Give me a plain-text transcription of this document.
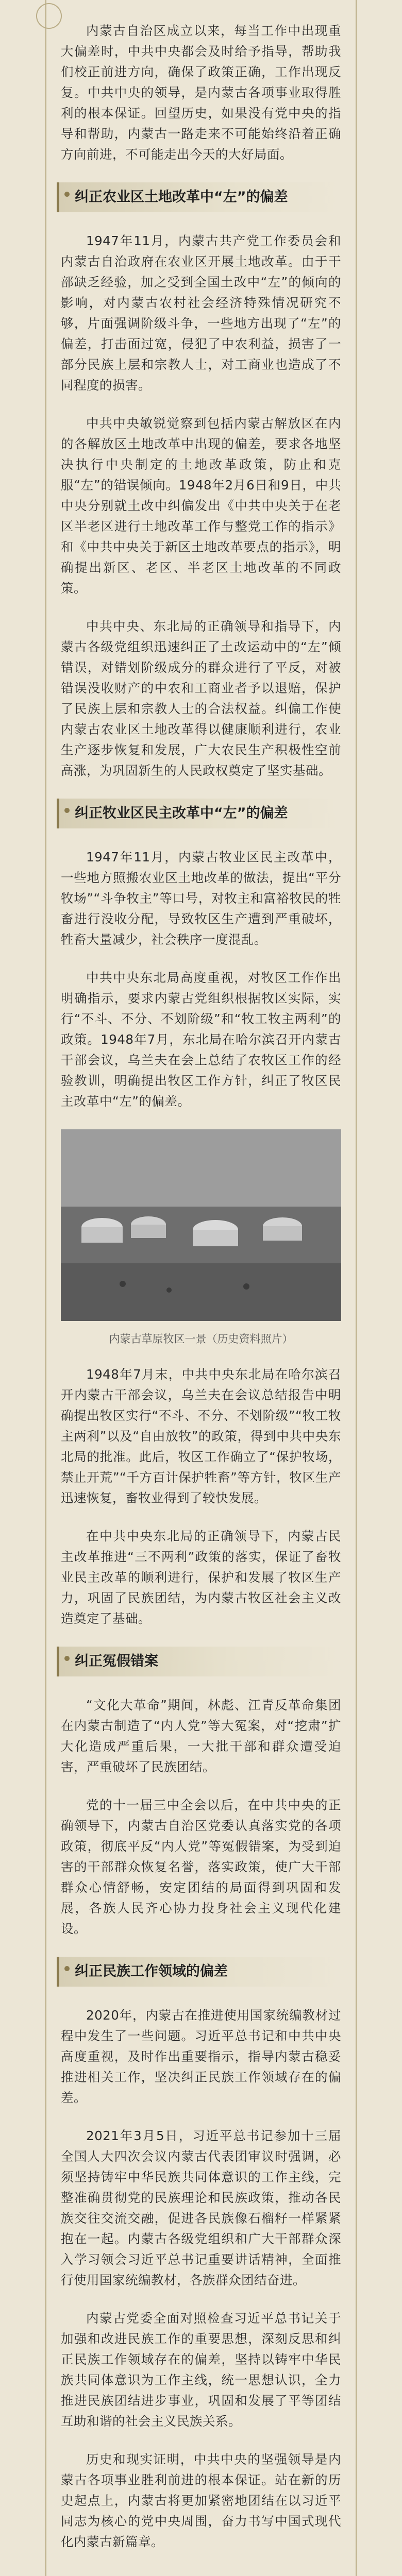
内蒙古自治区成立以来，每当工作中出现重大偏差时，中共中央都会及时给予指导，帮助我们校正前进方向，确保了政策正确，工作出现反复。中共中央的领导，是内蒙古各项事业取得胜利的根本保证。回望历史，如果没有党中央的指导和帮助，内蒙古一路走来不可能始终沿着正确方向前进，不可能走出今天的大好局面。

纠正农业区土地改革中“左”的偏差

1947年11月，内蒙古共产党工作委员会和内蒙古自治政府在农业区开展土地改革。由于干部缺乏经验，加之受到全国土改中“左”的倾向的影响，对内蒙古农村社会经济特殊情况研究不够，片面强调阶级斗争，一些地方出现了“左”的偏差，打击面过宽，侵犯了中农利益，损害了一部分民族上层和宗教人士，对工商业也造成了不同程度的损害。

中共中央敏锐觉察到包括内蒙古解放区在内的各解放区土地改革中出现的偏差，要求各地坚决执行中央制定的土地改革政策，防止和克服“左”的错误倾向。1948年2月6日和9日，中共中央分别就土改中纠偏发出《中共中央关于在老区半老区进行土地改革工作与整党工作的指示》和《中共中央关于新区土地改革要点的指示》，明确提出新区、老区、半老区土地改革的不同政策。

中共中央、东北局的正确领导和指导下，内蒙古各级党组织迅速纠正了土改运动中的“左”倾错误，对错划阶级成分的群众进行了平反，对被错误没收财产的中农和工商业者予以退赔，保护了民族上层和宗教人士的合法权益。纠偏工作使内蒙古农业区土地改革得以健康顺利进行，农业生产逐步恢复和发展，广大农民生产积极性空前高涨，为巩固新生的人民政权奠定了坚实基础。

纠正牧业区民主改革中“左”的偏差

1947年11月，内蒙古牧业区民主改革中，一些地方照搬农业区土地改革的做法，提出“平分牧场”“斗争牧主”等口号，对牧主和富裕牧民的牲畜进行没收分配，导致牧区生产遭到严重破坏，牲畜大量减少，社会秩序一度混乱。

中共中央东北局高度重视，对牧区工作作出明确指示，要求内蒙古党组织根据牧区实际，实行“不斗、不分、不划阶级”和“牧工牧主两利”的政策。1948年7月，东北局在哈尔滨召开内蒙古干部会议，乌兰夫在会上总结了农牧区工作的经验教训，明确提出牧区工作方针，纠正了牧区民主改革中“左”的偏差。

内蒙古草原牧区一景（历史资料照片）

1948年7月末，中共中央东北局在哈尔滨召开内蒙古干部会议，乌兰夫在会议总结报告中明确提出牧区实行“不斗、不分、不划阶级”“牧工牧主两利”以及“自由放牧”的政策，得到中共中央东北局的批准。此后，牧区工作确立了“保护牧场，禁止开荒”“千方百计保护牲畜”等方针，牧区生产迅速恢复，畜牧业得到了较快发展。

在中共中央东北局的正确领导下，内蒙古民主改革推进“三不两利”政策的落实，保证了畜牧业民主改革的顺利进行，保护和发展了牧区生产力，巩固了民族团结，为内蒙古牧区社会主义改造奠定了基础。

纠正冤假错案

“文化大革命”期间，林彪、江青反革命集团在内蒙古制造了“内人党”等大冤案，对“挖肃”扩大化造成严重后果，一大批干部和群众遭受迫害，严重破坏了民族团结。

党的十一届三中全会以后，在中共中央的正确领导下，内蒙古自治区党委认真落实党的各项政策，彻底平反“内人党”等冤假错案，为受到迫害的干部群众恢复名誉，落实政策，使广大干部群众心情舒畅，安定团结的局面得到巩固和发展，各族人民齐心协力投身社会主义现代化建设。

纠正民族工作领域的偏差

2020年，内蒙古在推进使用国家统编教材过程中发生了一些问题。习近平总书记和中共中央高度重视，及时作出重要指示，指导内蒙古稳妥推进相关工作，坚决纠正民族工作领域存在的偏差。

2021年3月5日，习近平总书记参加十三届全国人大四次会议内蒙古代表团审议时强调，必须坚持铸牢中华民族共同体意识的工作主线，完整准确贯彻党的民族理论和民族政策，推动各民族交往交流交融，促进各民族像石榴籽一样紧紧抱在一起。内蒙古各级党组织和广大干部群众深入学习领会习近平总书记重要讲话精神，全面推行使用国家统编教材，各族群众团结奋进。

内蒙古党委全面对照检查习近平总书记关于加强和改进民族工作的重要思想，深刻反思和纠正民族工作领域存在的偏差，坚持以铸牢中华民族共同体意识为工作主线，统一思想认识，全力推进民族团结进步事业，巩固和发展了平等团结互助和谐的社会主义民族关系。

历史和现实证明，中共中央的坚强领导是内蒙古各项事业胜利前进的根本保证。站在新的历史起点上，内蒙古将更加紧密地团结在以习近平同志为核心的党中央周围，奋力书写中国式现代化内蒙古新篇章。
